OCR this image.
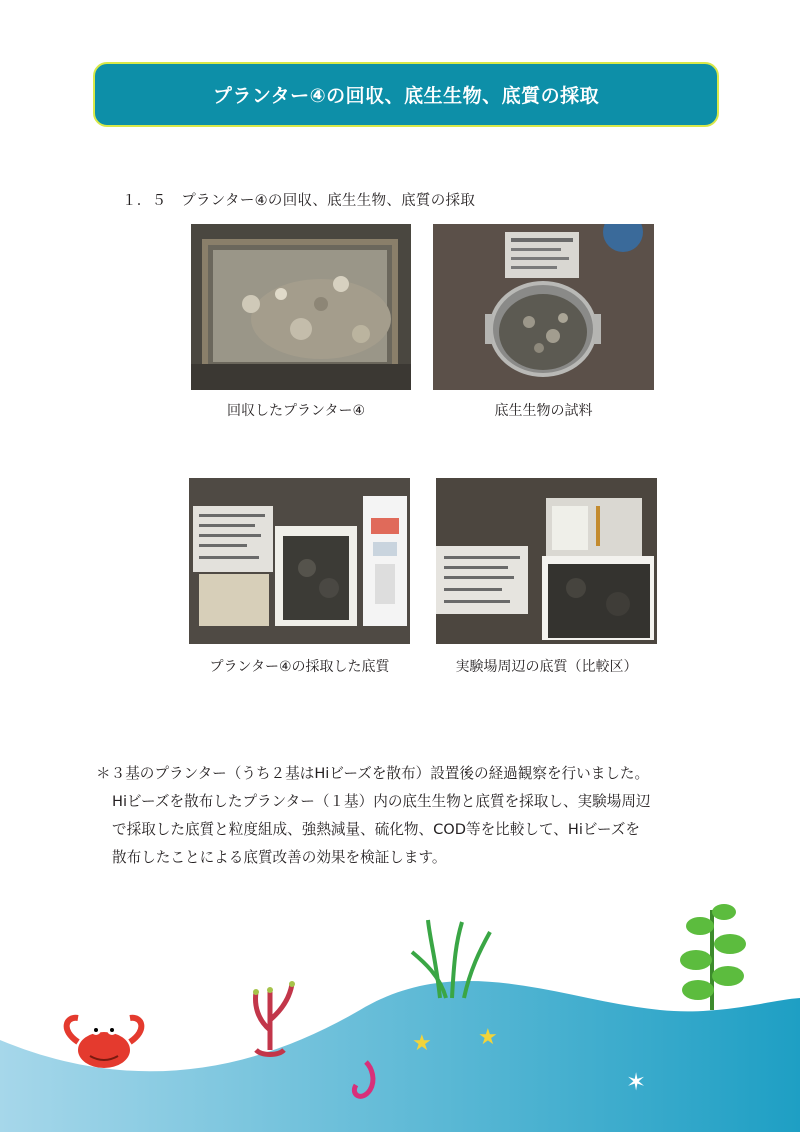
プランター④の回収、底生生物、底質の採取
１．５　プランター④の回収、底生生物、底質の採取
回収したプランター④	底生生物の試料
プランター④の採取した底質	実験場周辺の底質（比較区）

＊３基のプランター（うち２基はHiビーズを散布）設置後の経過観察を行いました。

Hiビーズを散布したプランター（１基）内の底生生物と底質を採取し、実験場周辺

で採取した底質と粒度組成、強熱減量、硫化物、COD等を比較して、Hiビーズを

散布したことによる底質改善の効果を検証します。

★ ★
✶
